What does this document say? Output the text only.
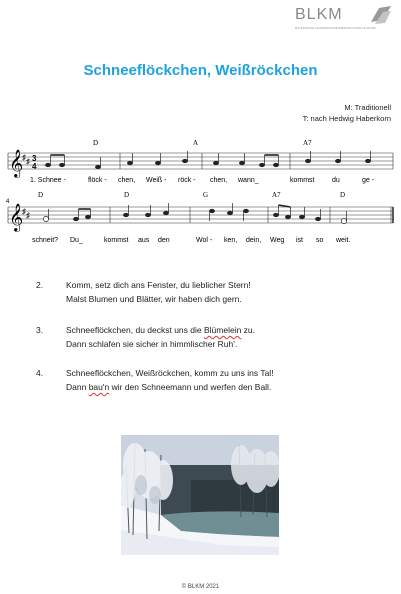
BLKM
BAYERISCHE LANDESKOORDINIERUNGSSTELLE MUSIK
Schneeflöckchen, Weißröckchen
M: Traditionell
T: nach Hedwig Haberkorn
𝄞
♯ ♯ 3
4
D	A	A7
1. Schnee -	flöck - chen, Weiß - röck - chen, wann_	kommst	du	ge -
4
𝄞
♯ ♯
D	D	G	A7	D
schneit? Du_	kommst aus den	Wol - ken, dein, Weg ist so weit.
2.	Komm, setz dich ans Fenster, du lieblicher Stern!
Malst Blumen und Blätter, wir haben dich gern.
3.	Schneeflöckchen, du deckst uns die Blümelein zu.
Dann schlafen sie sicher in himmlischer Ruh'.
4.	Schneeflöckchen, Weißröckchen, komm zu uns ins Tal!
Dann bau'n wir den Schneemann und werfen den Ball.
© BLKM 2021
